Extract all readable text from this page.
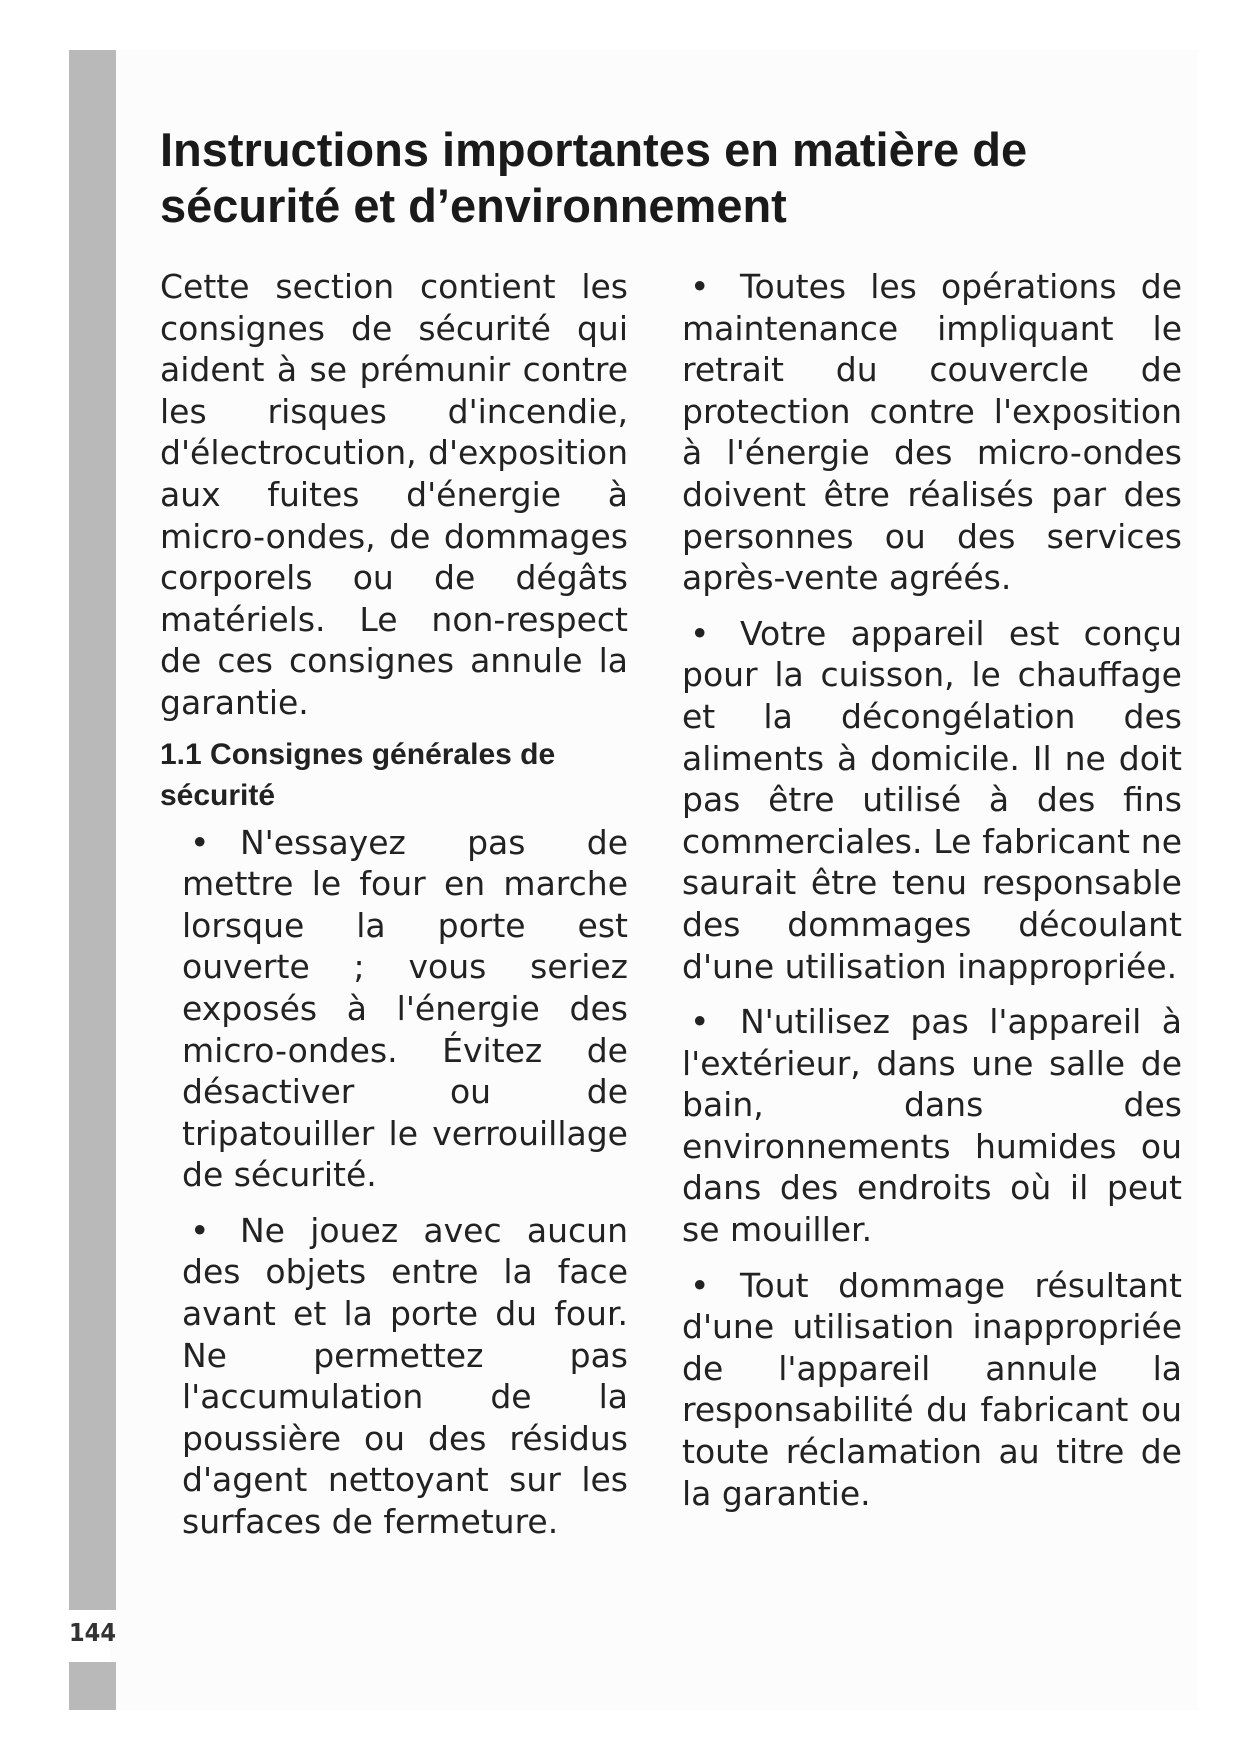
144
Instructions importantes en matière de sécurité et d’environnement

Cette section contient les consignes de sécurité qui aident à se prémunir contre les risques d'incendie, d'électrocution, d'exposition aux fuites d'énergie à micro-ondes, de dommages corporels ou de dégâts matériels. Le non-respect de ces consignes annule la garantie.

1.1 Consignes générales de sécurité

• N'essayez pas de mettre le four en marche lorsque la porte est ouverte ; vous seriez exposés à l'énergie des micro-ondes. Évitez de désactiver ou de tripatouiller le verrouillage de sécurité.

• Ne jouez avec aucun des objets entre la face avant et la porte du four. Ne permettez pas l'accumulation de la poussière ou des résidus d'agent nettoyant sur les surfaces de fermeture.

• Toutes les opérations de maintenance impliquant le retrait du couvercle de protection contre l'exposition à l'énergie des micro-ondes doivent être réalisés par des personnes ou des services après-vente agréés.

• Votre appareil est conçu pour la cuisson, le chauffage et la décongélation des aliments à domicile. Il ne doit pas être utilisé à des fins commerciales. Le fabricant ne saurait être tenu responsable des dommages découlant d'une utilisation inappropriée.

• N'utilisez pas l'appareil à l'extérieur, dans une salle de bain, dans des environnements humides ou dans des endroits où il peut se mouiller.

• Tout dommage résultant d'une utilisation inappropriée de l'appareil annule la responsabilité du fabricant ou toute réclamation au titre de la garantie.
